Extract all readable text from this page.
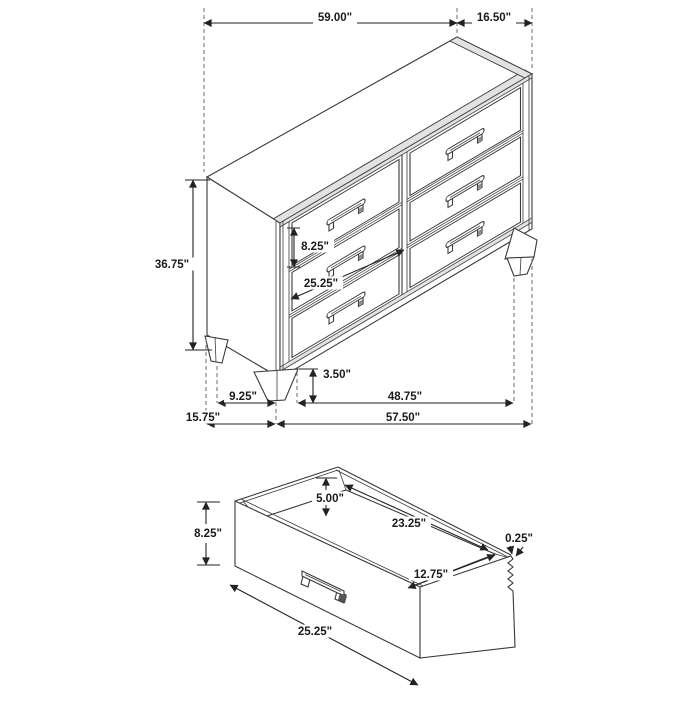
59.00"	16.50"
36.75"
8.25"
25.25"
3.50"
9.25"	48.75"
15.75"	57.50"
8.25"
5.00"
23.25"
12.75"
0.25"
25.25"
